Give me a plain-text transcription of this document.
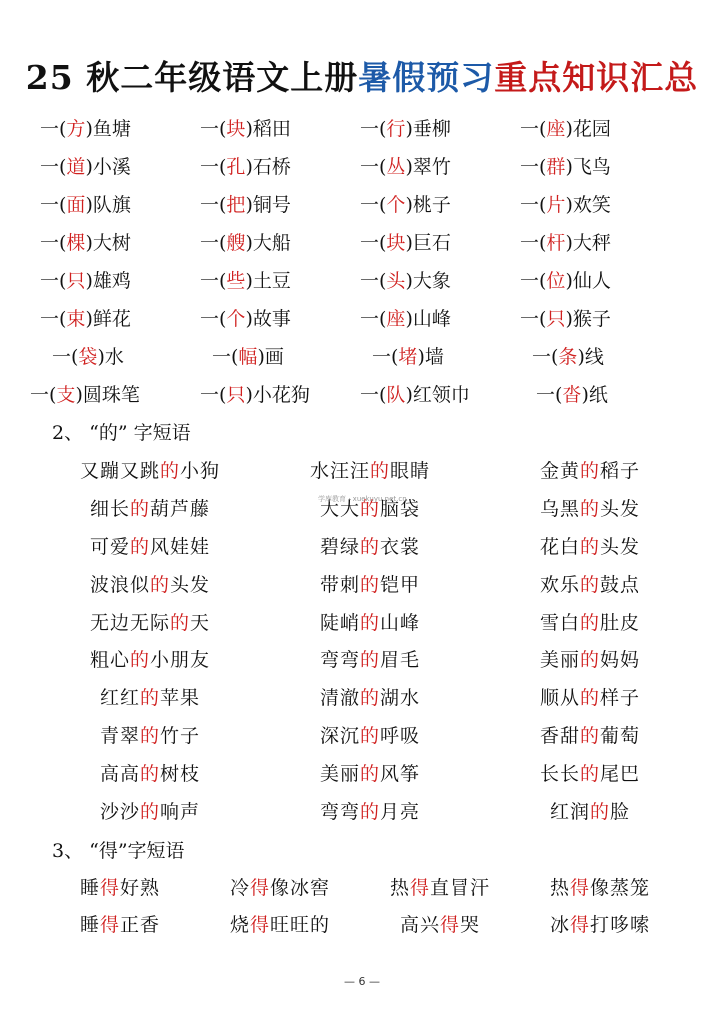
25 秋二年级语文上册暑假预习重点知识汇总
一(方)鱼塘	一(块)稻田	一(行)垂柳	一(座)花园
一(道)小溪	一(孔)石桥	一(丛)翠竹	一(群)飞鸟
一(面)队旗	一(把)铜号	一(个)桃子	一(片)欢笑
一(棵)大树	一(艘)大船	一(块)巨石	一(杆)大秤
一(只)雄鸡	一(些)土豆	一(头)大象	一(位)仙人
一(束)鲜花	一(个)故事	一(座)山峰	一(只)猴子
一(袋)水	一(幅)画	一(堵)墙	一(条)线
一(支)圆珠笔	一(只)小花狗	一(队)红领巾	一(沓)纸
2、 “的” 字短语
又蹦又跳的小狗	水汪汪的眼睛	金黄的稻子
细长的葫芦藤	大大的脑袋	乌黑的头发
可爱的风娃娃	碧绿的衣裳	花白的头发
波浪似的头发	带刺的铠甲	欢乐的鼓点
无边无际的天	陡峭的山峰	雪白的肚皮
粗心的小朋友	弯弯的眉毛	美丽的妈妈
红红的苹果	清澈的湖水	顺从的样子
青翠的竹子	深沉的呼吸	香甜的葡萄
高高的树枝	美丽的风筝	长长的尾巴
沙沙的响声	弯弯的月亮	红润的脸
学库教育 · xuekuyu.net.cn
3、 “得”字短语
睡得好熟	冷得像冰窖	热得直冒汗	热得像蒸笼
睡得正香	烧得旺旺的	高兴得哭	冰得打哆嗦
— 6 —
